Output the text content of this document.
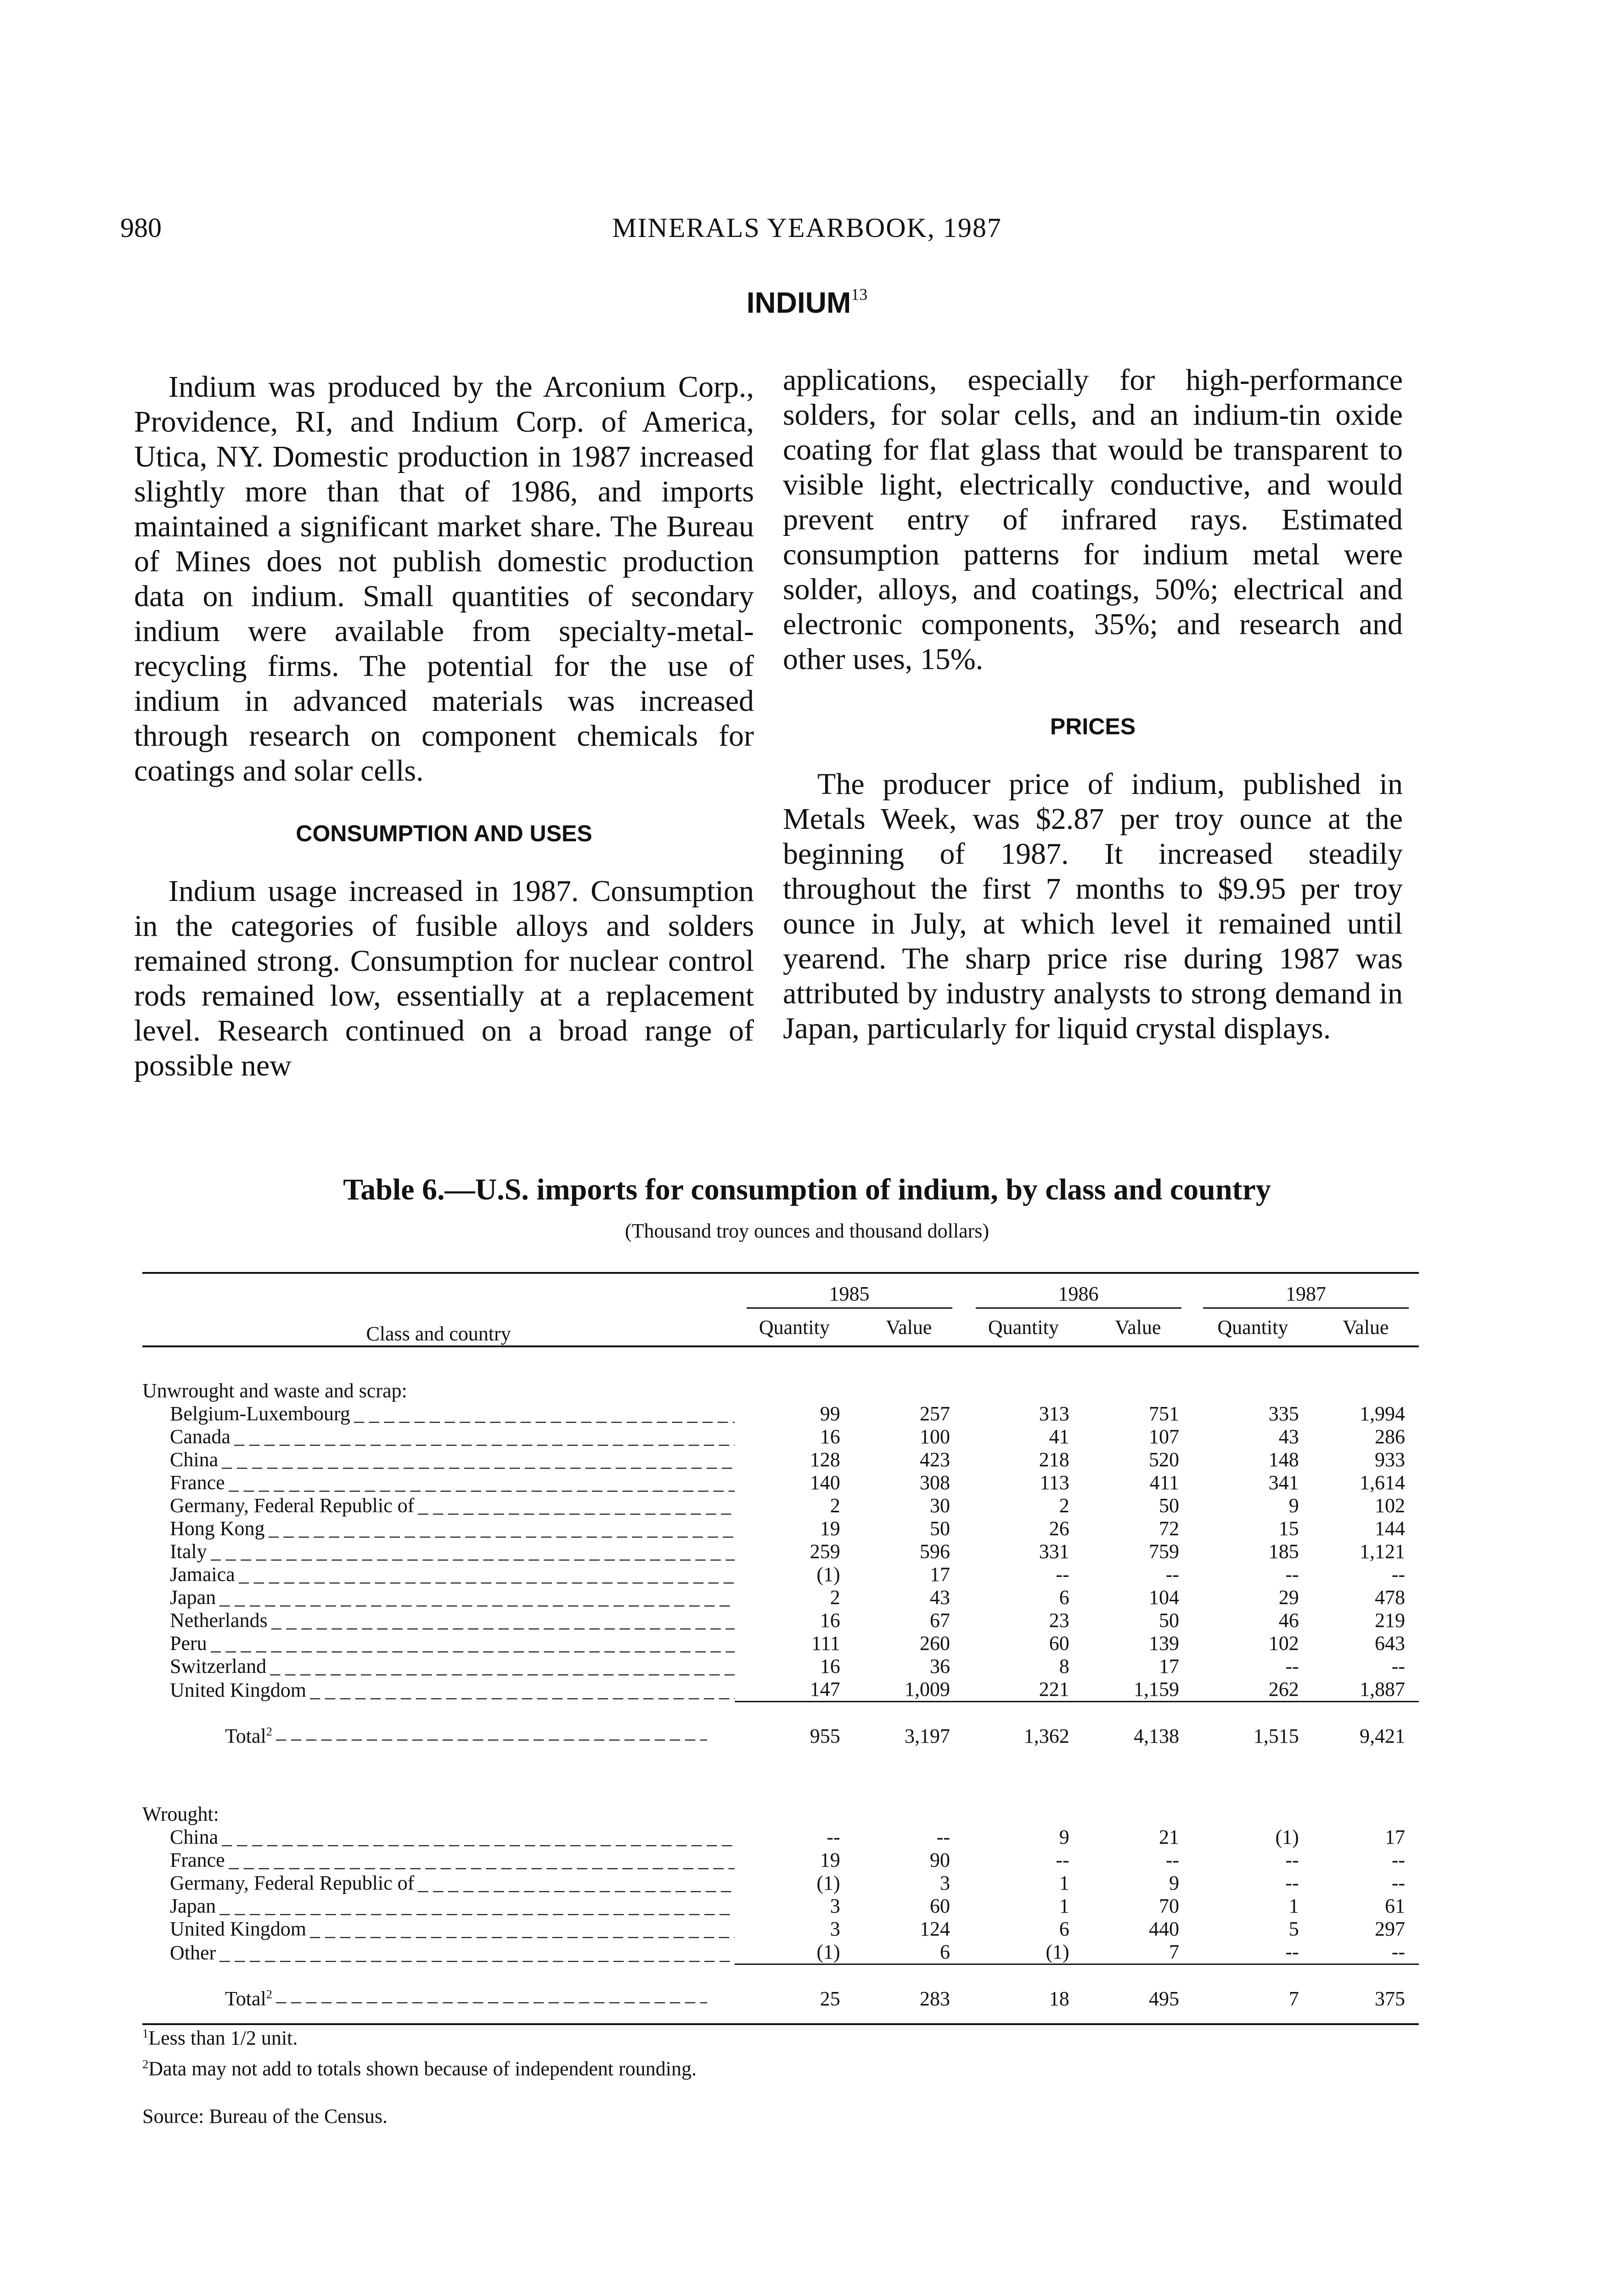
980	MINERALS YEARBOOK, 1987
INDIUM$^{13}$

Indium was produced by the Arconium Corp., Providence, RI, and Indium Corp. of America, Utica, NY. Domestic production in 1987 increased slightly more than that of 1986, and imports maintained a significant market share. The Bureau of Mines does not publish domestic production data on indium. Small quantities of secondary indium were available from specialty-metal-recycling firms. The potential for the use of indium in advanced materials was increased through research on component chemicals for coatings and solar cells.

CONSUMPTION AND USES

Indium usage increased in 1987. Consumption in the categories of fusible alloys and solders remained strong. Consumption for nuclear control rods remained low, essentially at a replacement level. Research continued on a broad range of possible new

applications, especially for high-performance solders, for solar cells, and an indium-tin oxide coating for flat glass that would be transparent to visible light, electrically conductive, and would prevent entry of infrared rays. Estimated consumption patterns for indium metal were solder, alloys, and coatings, 50%; electrical and electronic components, 35%; and research and other uses, 15%.

PRICES

The producer price of indium, published in Metals Week, was $2.87 per troy ounce at the beginning of 1987. It increased steadily throughout the first 7 months to $9.95 per troy ounce in July, at which level it remained until yearend. The sharp price rise during 1987 was attributed by industry analysts to strong demand in Japan, particularly for liquid crystal displays.

Table 6.—U.S. imports for consumption of indium, by class and country
(Thousand troy ounces and thousand dollars)
Class and country	1985		1986		1987	
	Quantity	Value	Quantity	Value	Quantity	Value
Unwrought and waste and scrap:						

Belgium-Luxembourg _ _ _	99	257	313	751	335	1,994

Canada _ _ _	16	100	41	107	43	286

China _ _ _	128	423	218	520	148	933

France _ _ _	140	308	113	411	341	1,614

Germany, Federal Republic of _ _ _	2	30	2	50	9	102

Hong Kong _ _ _	19	50	26	72	15	144

Italy _ _ _	259	596	331	759	185	1,121

Jamaica _ _ _	(1)	17	--	--	--	--

Japan _ _ _	2	43	6	104	29	478

Netherlands _ _ _	16	67	23	50	46	219

Peru _ _ _	111	260	60	139	102	643

Switzerland _ _ _	16	36	8	17	--	--

United Kingdom _ _ _	147	1,009	221	1,159	262	1,887

Total$^2$ _ _ _	955	3,197	1,362	4,138	1,515	9,421
Wrought:						

China _ _ _	--	--	9	21	(1)	17

France _ _ _	19	90	--	--	--	--

Germany, Federal Republic of _ _ _	(1)	3	1	9	--	--

Japan _ _ _	3	60	1	70	1	61

United Kingdom _ _ _	3	124	6	440	5	297

Other _ _ _	(1)	6	(1)	7	--	--

Total$^2$ _ _ _	25	283	18	495	7	375

$^1$Less than 1/2 unit.

$^2$Data may not add to totals shown because of independent rounding.

Source: Bureau of the Census.
